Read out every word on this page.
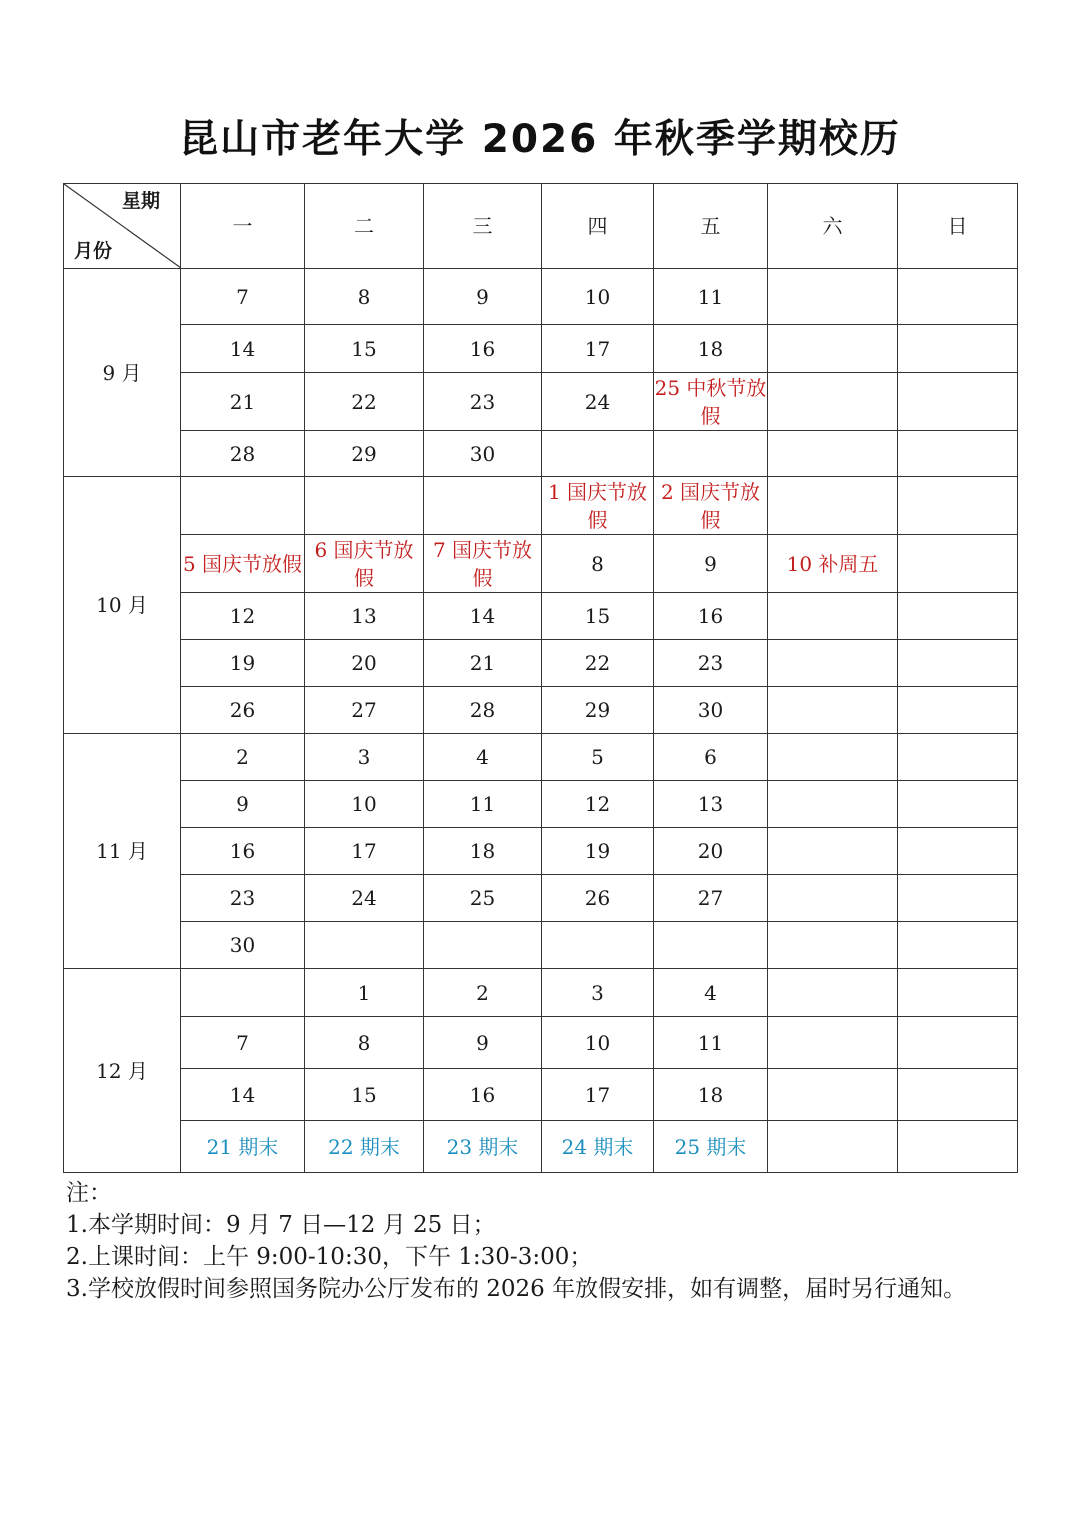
昆山市老年大学 2026 年秋季学期校历
星期
月份	一	二	三	四	五	六	日
9 月	7	8	9	10	11		
	14	15	16	17	18		
	21	22	23	24	25 中秋节放假		
	28	29	30				
10 月				1 国庆节放假	2 国庆节放假		
	5 国庆节放假	6 国庆节放假	7 国庆节放假	8	9	10 补周五	
	12	13	14	15	16		
	19	20	21	22	23		
	26	27	28	29	30		
11 月	2	3	4	5	6		
	9	10	11	12	13		
	16	17	18	19	20		
	23	24	25	26	27		
	30						
12 月		1	2	3	4		
	7	8	9	10	11		
	14	15	16	17	18		
	21 期末	22 期末	23 期末	24 期末	25 期末		
注：
1.本学期时间：9 月 7 日—12 月 25 日；
2.上课时间：上午 9:00-10:30，下午 1:30-3:00；
3.学校放假时间参照国务院办公厅发布的 2026 年放假安排，如有调整，届时另行通知。
